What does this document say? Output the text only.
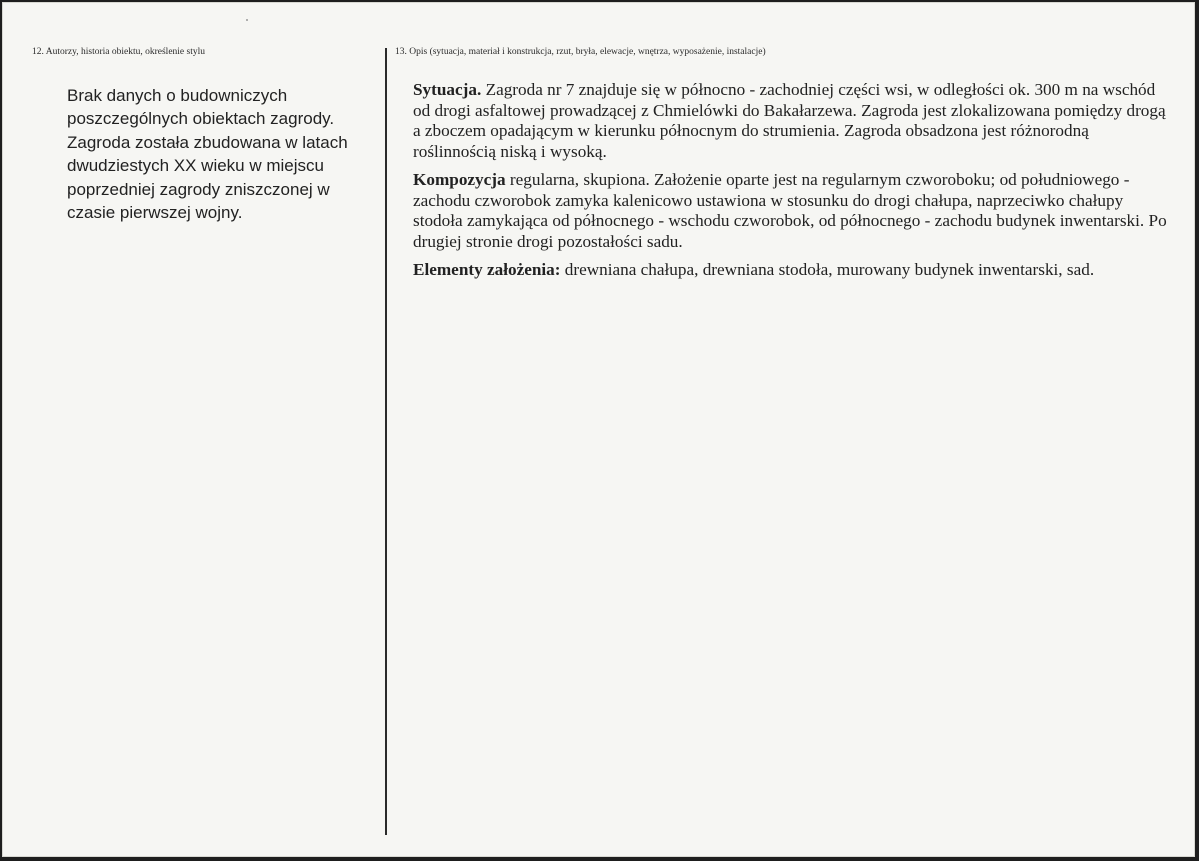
12. Autorzy, historia obiektu, określenie stylu
Brak danych o budowniczych poszczególnych obiektach zagrody. Zagroda została zbudowana w latach dwudziestych XX wieku w miejscu poprzedniej zagrody zniszczonej w czasie pierwszej wojny.
13. Opis (sytuacja, materiał i konstrukcja, rzut, bryła, elewacje, wnętrza, wyposażenie, instalacje)

Sytuacja. Zagroda nr 7 znajduje się w północno - zachodniej części wsi, w odległości ok. 300 m na wschód od drogi asfaltowej prowadzącej z Chmielówki do Bakałarzewa. Zagroda jest zlokalizowana pomiędzy drogą a zboczem opadającym w kierunku północnym do strumienia. Zagroda obsadzona jest różnorodną roślinnością niską i wysoką.

Kompozycja regularna, skupiona. Założenie oparte jest na regularnym czworoboku; od południowego - zachodu czworobok zamyka kalenicowo ustawiona w stosunku do drogi chałupa, naprzeciwko chałupy stodoła zamykająca od północnego - wschodu czworobok, od północnego - zachodu budynek inwentarski. Po drugiej stronie drogi pozostałości sadu.

Elementy założenia: drewniana chałupa, drewniana stodoła, murowany budynek inwentarski, sad.
